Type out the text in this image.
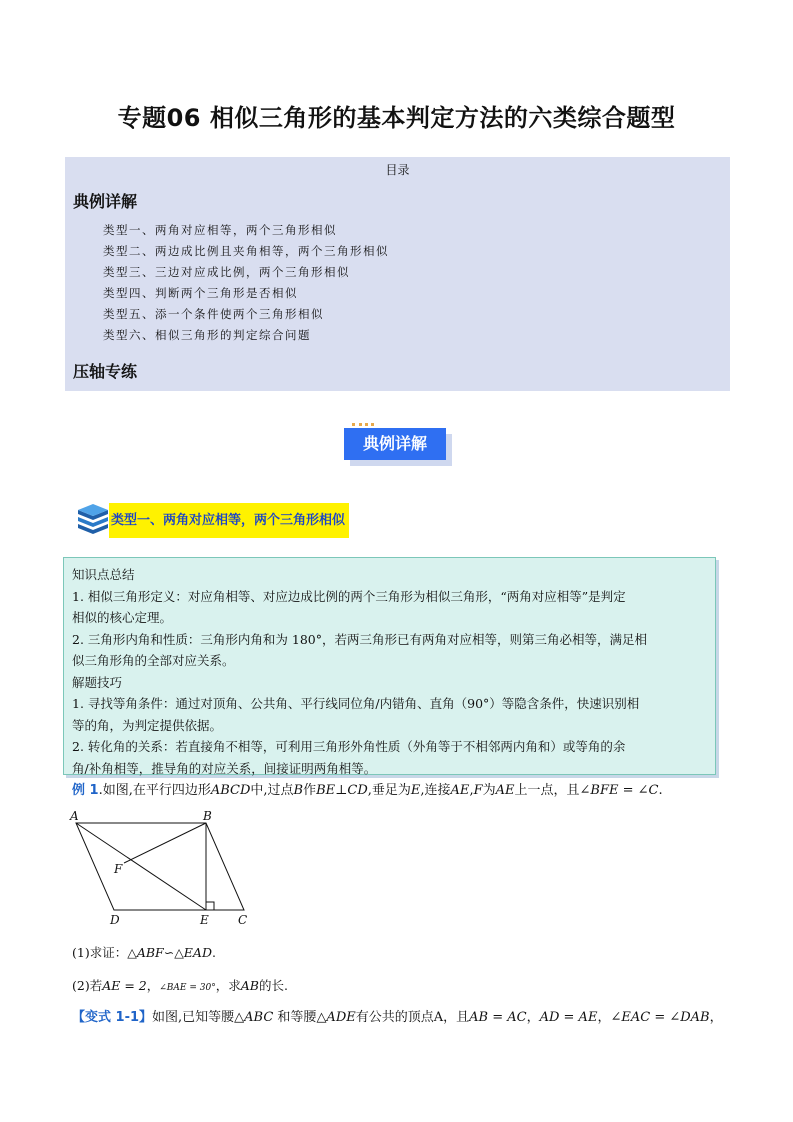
专题06 相似三角形的基本判定方法的六类综合题型
目录
典例详解
类型一、两角对应相等，两个三角形相似
类型二、两边成比例且夹角相等，两个三角形相似
类型三、三边对应成比例，两个三角形相似
类型四、判断两个三角形是否相似
类型五、添一个条件使两个三角形相似
类型六、相似三角形的判定综合问题
压轴专练
典例详解
类型一、两角对应相等，两个三角形相似
知识点总结
1. 相似三角形定义：对应角相等、对应边成比例的两个三角形为相似三角形，“两角对应相等”是判定
相似的核心定理。
2. 三角形内角和性质：三角形内角和为 180°，若两三角形已有两角对应相等，则第三角必相等，满足相
似三角形角的全部对应关系。
解题技巧
1. 寻找等角条件：通过对顶角、公共角、平行线同位角/内错角、直角（90°）等隐含条件，快速识别相
等的角，为判定提供依据。
2. 转化角的关系：若直接角不相等，可利用三角形外角性质（外角等于不相邻两内角和）或等角的余
角/补角相等，推导角的对应关系，间接证明两角相等。
例 1.如图,在平行四边形ABCD中,过点B作BE⊥CD,垂足为E,连接AE,F为AE上一点，且∠BFE = ∠C.
A	B
C
D	E
F
(1)求证：△ABF∽△EAD.
(2)若AE = 2，∠BAE = 30°，求AB的长.
【变式 1-1】如图,已知等腰△ABC 和等腰△ADE有公共的顶点A，且AB = AC，AD = AE，∠EAC = ∠DAB，
